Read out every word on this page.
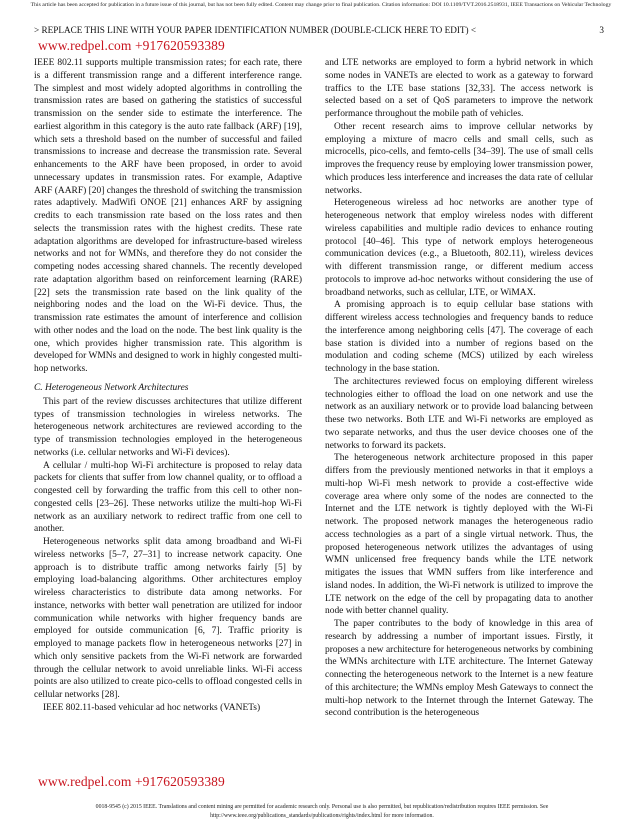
This article has been accepted for publication in a future issue of this journal, but has not been fully edited. Content may change prior to final publication. Citation information: DOI 10.1109/TVT.2016.2518931, IEEE Transactions on Vehicular Technology
> REPLACE THIS LINE WITH YOUR PAPER IDENTIFICATION NUMBER (DOUBLE-CLICK HERE TO EDIT) <	3
www.redpel.com +917620593389

IEEE 802.11 supports multiple transmission rates; for each rate, there is a different transmission range and a different interference range. The simplest and most widely adopted algorithms in controlling the transmission rates are based on gathering the statistics of successful transmission on the sender side to estimate the interference. The earliest algorithm in this category is the auto rate fallback (ARF) [19], which sets a threshold based on the number of successful and failed transmissions to increase and decrease the transmission rate. Several enhancements to the ARF have been proposed, in order to avoid unnecessary updates in transmission rates. For example, Adaptive ARF (AARF) [20] changes the threshold of switching the transmission rates adaptively. MadWifi ONOE [21] enhances ARF by assigning credits to each transmission rate based on the loss rates and then selects the transmission rates with the highest credits. These rate adaptation algorithms are developed for infrastructure-based wireless networks and not for WMNs, and therefore they do not consider the competing nodes accessing shared channels. The recently developed rate adaptation algorithm based on reinforcement learning (RARE) [22] sets the transmission rate based on the link quality of the neighboring nodes and the load on the Wi-Fi device. Thus, the transmission rate estimates the amount of interference and collision with other nodes and the load on the node. The best link quality is the one, which provides higher transmission rate. This algorithm is developed for WMNs and designed to work in highly congested multi-hop networks.

C. Heterogeneous Network Architectures

This part of the review discusses architectures that utilize different types of transmission technologies in wireless networks. The heterogeneous network architectures are reviewed according to the type of transmission technologies employed in the heterogeneous networks (i.e. cellular networks and Wi-Fi devices).

A cellular / multi-hop Wi-Fi architecture is proposed to relay data packets for clients that suffer from low channel quality, or to offload a congested cell by forwarding the traffic from this cell to other non-congested cells [23–26]. These networks utilize the multi-hop Wi-Fi network as an auxiliary network to redirect traffic from one cell to another.

Heterogeneous networks split data among broadband and Wi-Fi wireless networks [5–7, 27–31] to increase network capacity. One approach is to distribute traffic among networks fairly [5] by employing load-balancing algorithms. Other architectures employ wireless characteristics to distribute data among networks. For instance, networks with better wall penetration are utilized for indoor communication while networks with higher frequency bands are employed for outside communication [6, 7]. Traffic priority is employed to manage packets flow in heterogeneous networks [27] in which only sensitive packets from the Wi-Fi network are forwarded through the cellular network to avoid unreliable links. Wi-Fi access points are also utilized to create pico-cells to offload congested cells in cellular networks [28].

IEEE 802.11-based vehicular ad hoc networks (VANETs)

and LTE networks are employed to form a hybrid network in which some nodes in VANETs are elected to work as a gateway to forward traffics to the LTE base stations [32,33]. The access network is selected based on a set of QoS parameters to improve the network performance throughout the mobile path of vehicles.

Other recent research aims to improve cellular networks by employing a mixture of macro cells and small cells, such as microcells, pico-cells, and femto-cells [34–39]. The use of small cells improves the frequency reuse by employing lower transmission power, which produces less interference and increases the data rate of cellular networks.

Heterogeneous wireless ad hoc networks are another type of heterogeneous network that employ wireless nodes with different wireless capabilities and multiple radio devices to enhance routing protocol [40–46]. This type of network employs heterogeneous communication devices (e.g., a Bluetooth, 802.11), wireless devices with different transmission range, or different medium access protocols to improve ad-hoc networks without considering the use of broadband networks, such as cellular, LTE, or WiMAX.

A promising approach is to equip cellular base stations with different wireless access technologies and frequency bands to reduce the interference among neighboring cells [47]. The coverage of each base station is divided into a number of regions based on the modulation and coding scheme (MCS) utilized by each wireless technology in the base station.

The architectures reviewed focus on employing different wireless technologies either to offload the load on one network and use the network as an auxiliary network or to provide load balancing between these two networks. Both LTE and Wi-Fi networks are employed as two separate networks, and thus the user device chooses one of the networks to forward its packets.

The heterogeneous network architecture proposed in this paper differs from the previously mentioned networks in that it employs a multi-hop Wi-Fi mesh network to provide a cost-effective wide coverage area where only some of the nodes are connected to the Internet and the LTE network is tightly deployed with the Wi-Fi network. The proposed network manages the heterogeneous radio access technologies as a part of a single virtual network. Thus, the proposed heterogeneous network utilizes the advantages of using WMN unlicensed free frequency bands while the LTE network mitigates the issues that WMN suffers from like interference and island nodes. In addition, the Wi-Fi network is utilized to improve the LTE network on the edge of the cell by propagating data to another node with better channel quality.

The paper contributes to the body of knowledge in this area of research by addressing a number of important issues. Firstly, it proposes a new architecture for heterogeneous networks by combining the WMNs architecture with LTE architecture. The Internet Gateway connecting the heterogeneous network to the Internet is a new feature of this architecture; the WMNs employ Mesh Gateways to connect the multi-hop network to the Internet through the Internet Gateway. The second contribution is the heterogeneous

www.redpel.com +917620593389
0018-9545 (c) 2015 IEEE. Translations and content mining are permitted for academic research only. Personal use is also permitted, but republication/redistribution requires IEEE permission. See http://www.ieee.org/publications_standards/publications/rights/index.html for more information.
